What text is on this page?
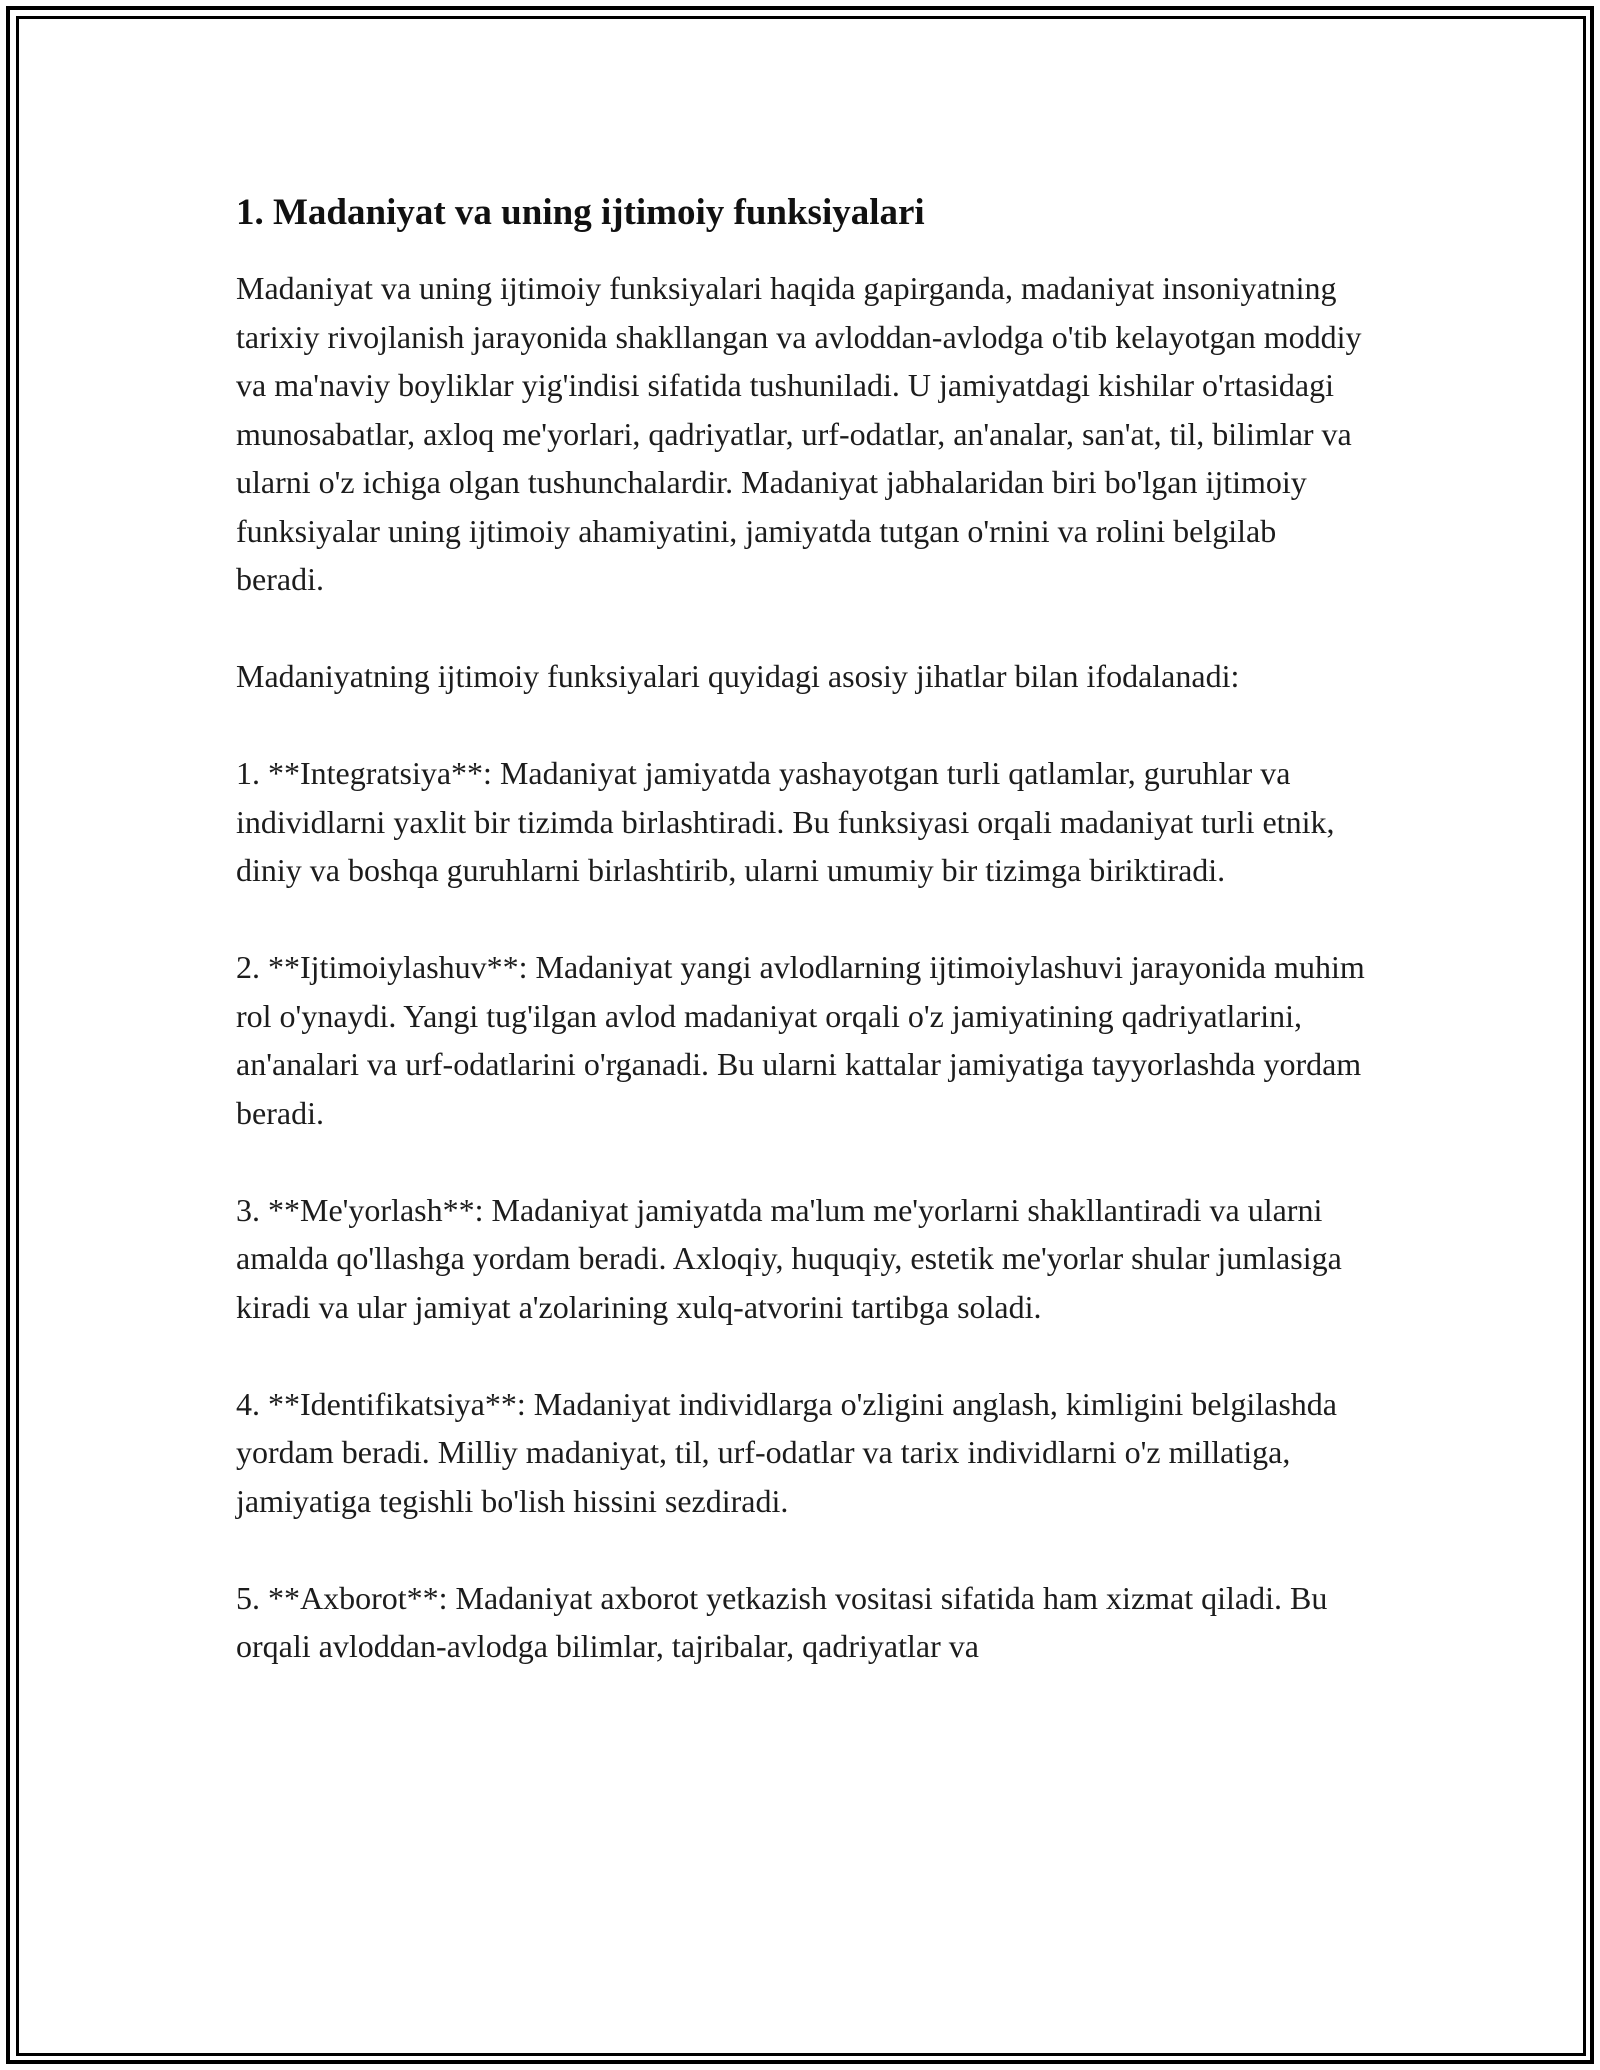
1. Madaniyat va uning ijtimoiy funksiyalari

Madaniyat va uning ijtimoiy funksiyalari haqida gapirganda, madaniyat insoniyatning tarixiy rivojlanish jarayonida shakllangan va avloddan-avlodga o'tib kelayotgan moddiy va ma'naviy boyliklar yig'indisi sifatida tushuniladi. U jamiyatdagi kishilar o'rtasidagi munosabatlar, axloq me'yorlari, qadriyatlar, urf-odatlar, an'analar, san'at, til, bilimlar va ularni o'z ichiga olgan tushunchalardir. Madaniyat jabhalaridan biri bo'lgan ijtimoiy funksiyalar uning ijtimoiy ahamiyatini, jamiyatda tutgan o'rnini va rolini belgilab beradi.

Madaniyatning ijtimoiy funksiyalari quyidagi asosiy jihatlar bilan ifodalanadi:

1. **Integratsiya**: Madaniyat jamiyatda yashayotgan turli qatlamlar, guruhlar va individlarni yaxlit bir tizimda birlashtiradi. Bu funksiyasi orqali madaniyat turli etnik, diniy va boshqa guruhlarni birlashtirib, ularni umumiy bir tizimga biriktiradi.

2. **Ijtimoiylashuv**: Madaniyat yangi avlodlarning ijtimoiylashuvi jarayonida muhim rol o'ynaydi. Yangi tug'ilgan avlod madaniyat orqali o'z jamiyatining qadriyatlarini, an'analari va urf-odatlarini o'rganadi. Bu ularni kattalar jamiyatiga tayyorlashda yordam beradi.

3. **Me'yorlash**: Madaniyat jamiyatda ma'lum me'yorlarni shakllantiradi va ularni amalda qo'llashga yordam beradi. Axloqiy, huquqiy, estetik me'yorlar shular jumlasiga kiradi va ular jamiyat a'zolarining xulq-atvorini tartibga soladi.

4. **Identifikatsiya**: Madaniyat individlarga o'zligini anglash, kimligini belgilashda yordam beradi. Milliy madaniyat, til, urf-odatlar va tarix individlarni o'z millatiga, jamiyatiga tegishli bo'lish hissini sezdiradi.

5. **Axborot**: Madaniyat axborot yetkazish vositasi sifatida ham xizmat qiladi. Bu orqali avloddan-avlodga bilimlar, tajribalar, qadriyatlar va
